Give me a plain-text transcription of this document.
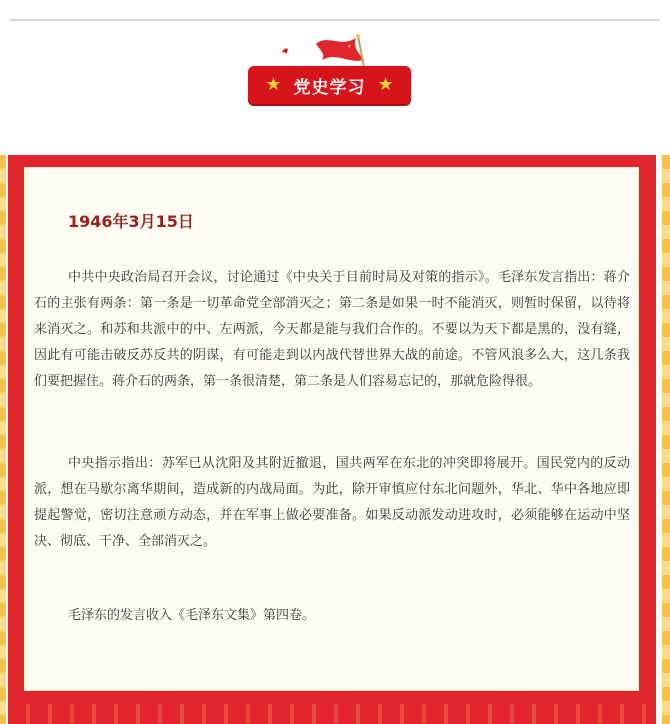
★ 党史学习 ★
1946年3月15日

中共中央政治局召开会议，讨论通过《中央关于目前时局及对策的指示》。毛泽东发言指出：蒋介石的主张有两条：第一条是一切革命党全部消灭之；第二条是如果一时不能消灭，则暂时保留，以待将来消灭之。和苏和共派中的中、左两派，今天都是能与我们合作的。不要以为天下都是黑的，没有缝，因此有可能击破反苏反共的阴谋，有可能走到以内战代替世界大战的前途。不管风浪多么大，这几条我们要把握住。蒋介石的两条，第一条很清楚，第二条是人们容易忘记的，那就危险得很。

中央指示指出：苏军已从沈阳及其附近撤退，国共两军在东北的冲突即将展开。国民党内的反动派，想在马歇尔离华期间，造成新的内战局面。为此，除开审慎应付东北问题外，华北、华中各地应即提起警觉，密切注意顽方动态，并在军事上做必要准备。如果反动派发动进攻时，必须能够在运动中坚决、彻底、干净、全部消灭之。

毛泽东的发言收入《毛泽东文集》第四卷。
